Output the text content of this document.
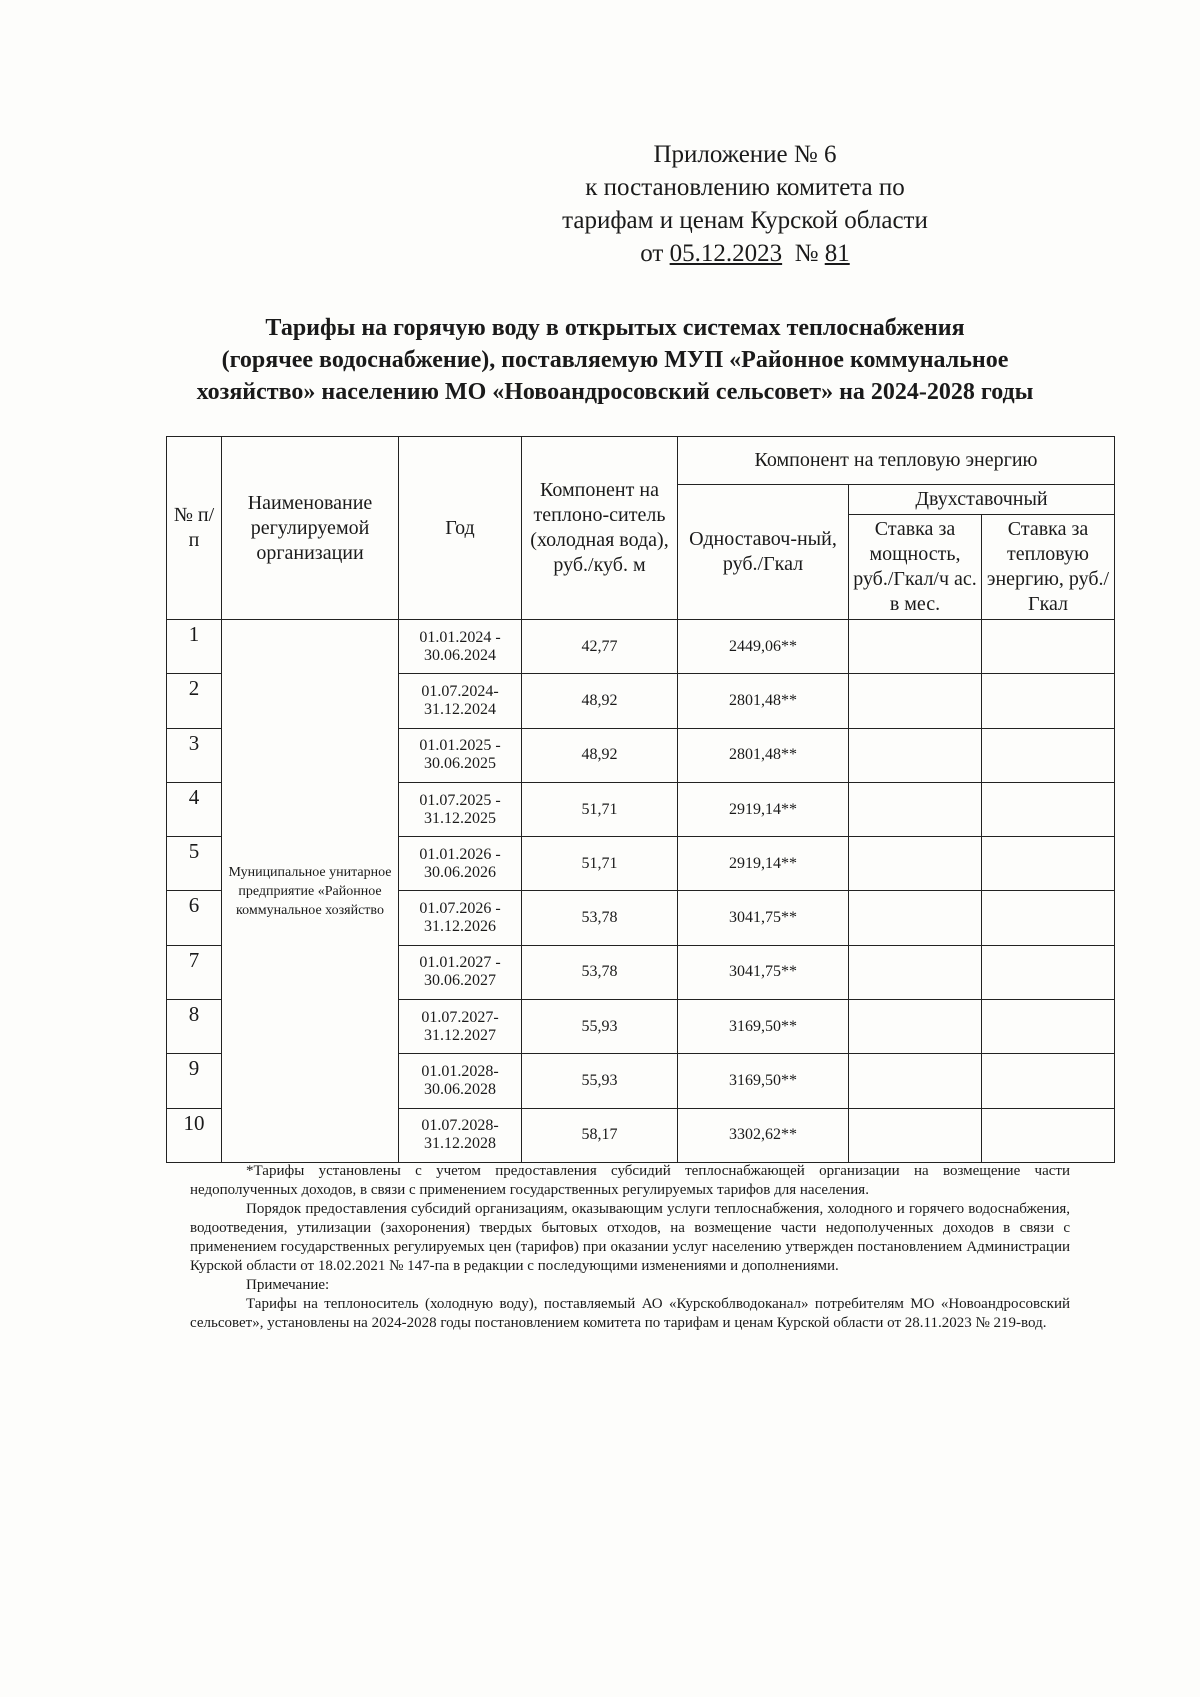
Приложение № 6
к постановлению комитета по
тарифам и ценам Курской области
от 05.12.2023 № 81
Тарифы на горячую воду в открытых системах теплоснабжения
(горячее водоснабжение), поставляемую МУП «Районное коммунальное
хозяйство» населению МО «Новоандросовский сельсовет» на 2024-2028 годы
№ п/п	Наименование регулируемой организации	Год	Компонент на теплоно-ситель (холодная вода), руб./куб. м	Компонент на тепловую энергию		
				Одноставоч-ный, руб./Гкал	Двухставочный	
					Ставка за мощность, руб./Гкал/ч ас. в мес.	Ставка за тепловую энергию, руб./Гкал
1	Муниципальное унитарное предприятие «Районное коммунальное хозяйство	01.01.2024 - 30.06.2024	42,77	2449,06**		
2		01.07.2024- 31.12.2024	48,92	2801,48**		
3		01.01.2025 - 30.06.2025	48,92	2801,48**		
4		01.07.2025 - 31.12.2025	51,71	2919,14**		
5		01.01.2026 - 30.06.2026	51,71	2919,14**		
6		01.07.2026 - 31.12.2026	53,78	3041,75**		
7		01.01.2027 - 30.06.2027	53,78	3041,75**		
8		01.07.2027- 31.12.2027	55,93	3169,50**		
9		01.01.2028- 30.06.2028	55,93	3169,50**		
10		01.07.2028- 31.12.2028	58,17	3302,62**		

*Тарифы установлены с учетом предоставления субсидий теплоснабжающей организации на возмещение части недополученных доходов, в связи с применением государственных регулируемых тарифов для населения.

Порядок предоставления субсидий организациям, оказывающим услуги теплоснабжения, холодного и горячего водоснабжения, водоотведения, утилизации (захоронения) твердых бытовых отходов, на возмещение части недополученных доходов в связи с применением государственных регулируемых цен (тарифов) при оказании услуг населению утвержден постановлением Администрации Курской области от 18.02.2021 № 147-па в редакции с последующими изменениями и дополнениями.

Примечание:

Тарифы на теплоноситель (холодную воду), поставляемый АО «Курскоблводоканал» потребителям МО «Новоандросовский сельсовет», установлены на 2024-2028 годы постановлением комитета по тарифам и ценам Курской области от 28.11.2023 № 219-вод.
